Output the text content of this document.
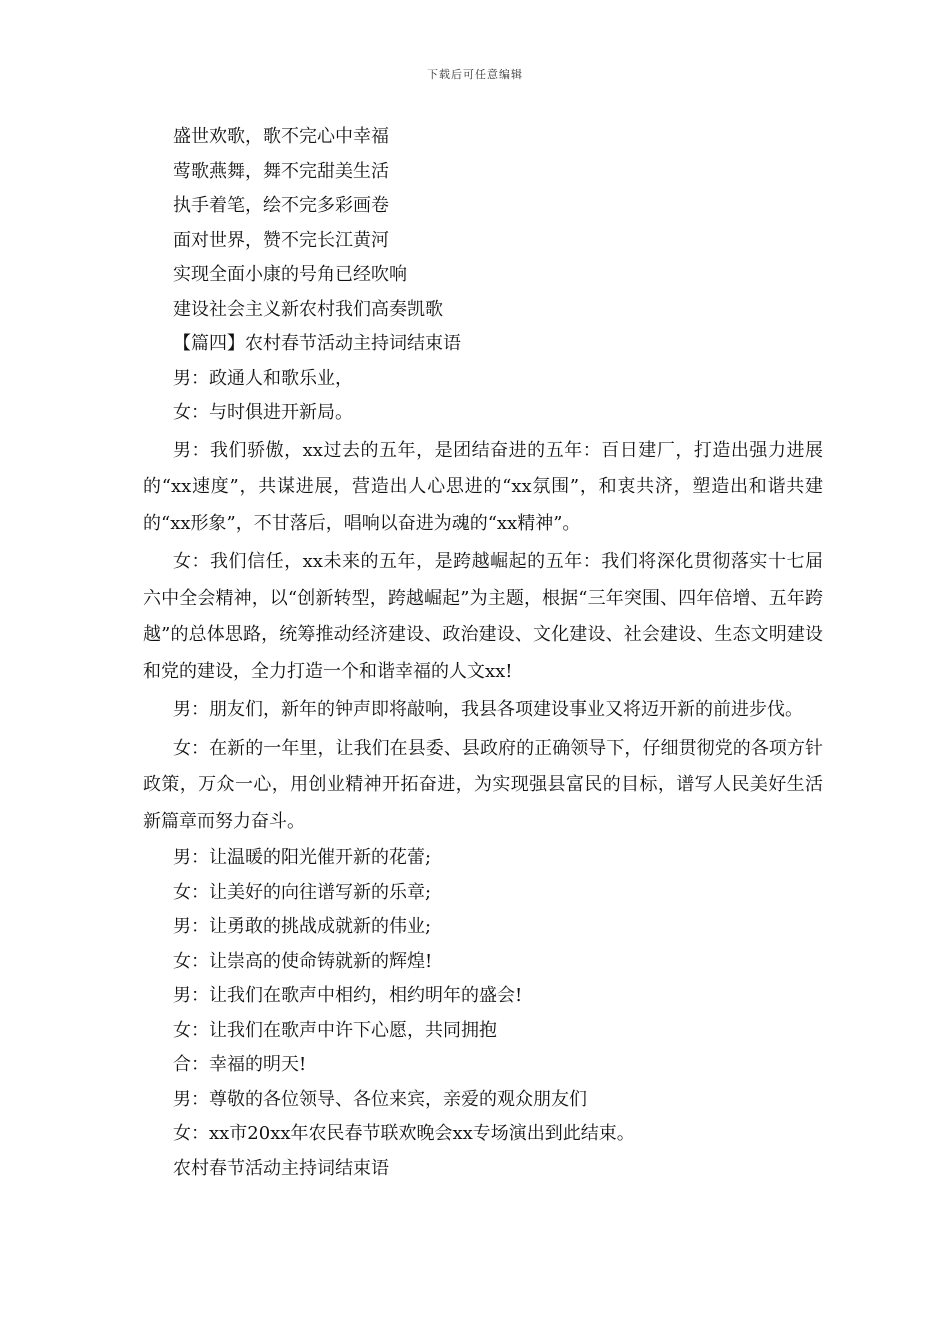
下载后可任意编辑
盛世欢歌，歌不完心中幸福
莺歌燕舞，舞不完甜美生活
执手着笔，绘不完多彩画卷
面对世界，赞不完长江黄河
实现全面小康的号角已经吹响
建设社会主义新农村我们高奏凯歌
【篇四】农村春节活动主持词结束语
男：政通人和歌乐业，
女：与时俱进开新局。
男：我们骄傲，xx过去的五年，是团结奋进的五年：百日建厂，打造出强力进展的“xx速度”，共谋进展，营造出人心思进的“xx氛围”，和衷共济，塑造出和谐共建的“xx形象”，不甘落后，唱响以奋进为魂的“xx精神”。
女：我们信任，xx未来的五年，是跨越崛起的五年：我们将深化贯彻落实十七届六中全会精神，以“创新转型，跨越崛起”为主题，根据“三年突围、四年倍增、五年跨越”的总体思路，统筹推动经济建设、政治建设、文化建设、社会建设、生态文明建设和党的建设，全力打造一个和谐幸福的人文xx!
男：朋友们，新年的钟声即将敲响，我县各项建设事业又将迈开新的前进步伐。
女：在新的一年里，让我们在县委、县政府的正确领导下，仔细贯彻党的各项方针政策，万众一心，用创业精神开拓奋进，为实现强县富民的目标，谱写人民美好生活新篇章而努力奋斗。
男：让温暖的阳光催开新的花蕾;
女：让美好的向往谱写新的乐章;
男：让勇敢的挑战成就新的伟业;
女：让崇高的使命铸就新的辉煌!
男：让我们在歌声中相约，相约明年的盛会!
女：让我们在歌声中许下心愿，共同拥抱
合：幸福的明天!
男：尊敬的各位领导、各位来宾，亲爱的观众朋友们
女：xx市20xx年农民春节联欢晚会xx专场演出到此结束。
农村春节活动主持词结束语
